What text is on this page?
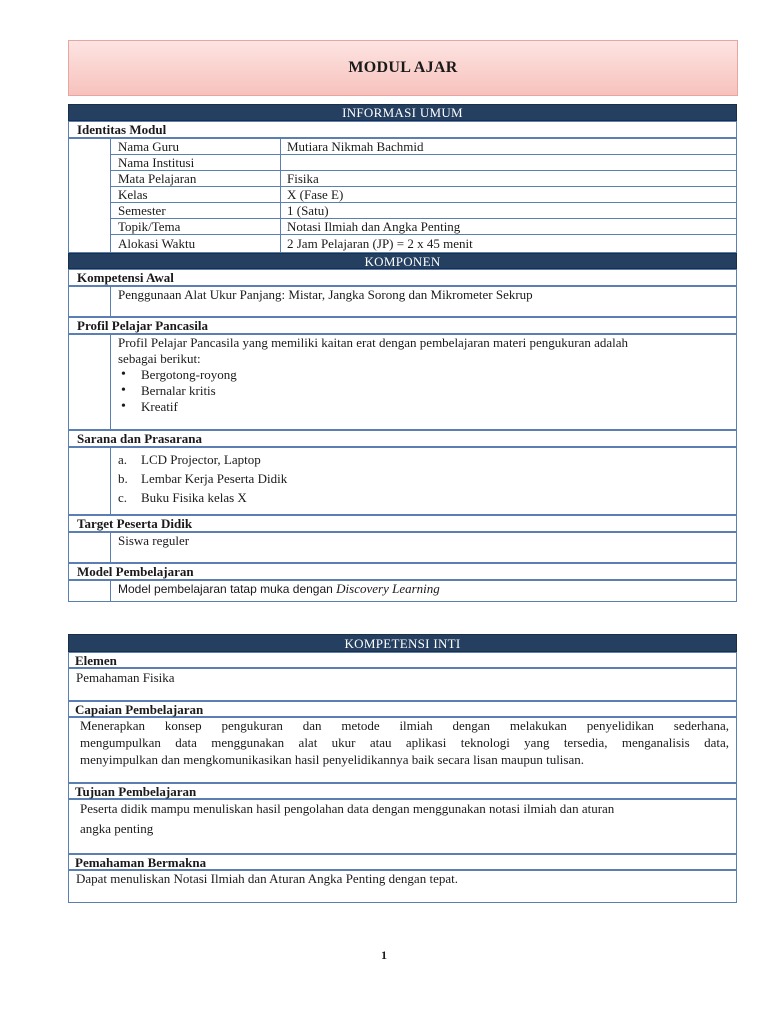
MODUL AJAR
INFORMASI UMUM
Identitas Modul
Nama Guru	Mutiara Nikmah Bachmid
Nama Institusi
Mata Pelajaran	Fisika
Kelas	X (Fase E)
Semester	1 (Satu)
Topik/Tema	Notasi Ilmiah dan Angka Penting
Alokasi Waktu	2 Jam Pelajaran (JP) = 2 x 45 menit
KOMPONEN
Kompetensi Awal
Penggunaan Alat Ukur Panjang: Mistar, Jangka Sorong dan Mikrometer Sekrup
Profil Pelajar Pancasila
Profil Pelajar Pancasila yang memiliki kaitan erat dengan pembelajaran materi pengukuran adalah
sebagai berikut:
• Bergotong-royong
• Bernalar kritis
• Kreatif
Sarana dan Prasarana
a. LCD Projector, Laptop
b. Lembar Kerja Peserta Didik
c. Buku Fisika kelas X
Target Peserta Didik
Siswa reguler
Model Pembelajaran
Model pembelajaran tatap muka dengan Discovery Learning
KOMPETENSI INTI
Elemen
Pemahaman Fisika
Capaian Pembelajaran
Menerapkan konsep pengukuran dan metode ilmiah dengan melakukan penyelidikan sederhana,
mengumpulkan data menggunakan alat ukur atau aplikasi teknologi yang tersedia, menganalisis data,
menyimpulkan dan mengkomunikasikan hasil penyelidikannya baik secara lisan maupun tulisan.
Tujuan Pembelajaran
Peserta didik mampu menuliskan hasil pengolahan data dengan menggunakan notasi ilmiah dan aturan
angka penting
Pemahaman Bermakna
Dapat menuliskan Notasi Ilmiah dan Aturan Angka Penting dengan tepat.
1
